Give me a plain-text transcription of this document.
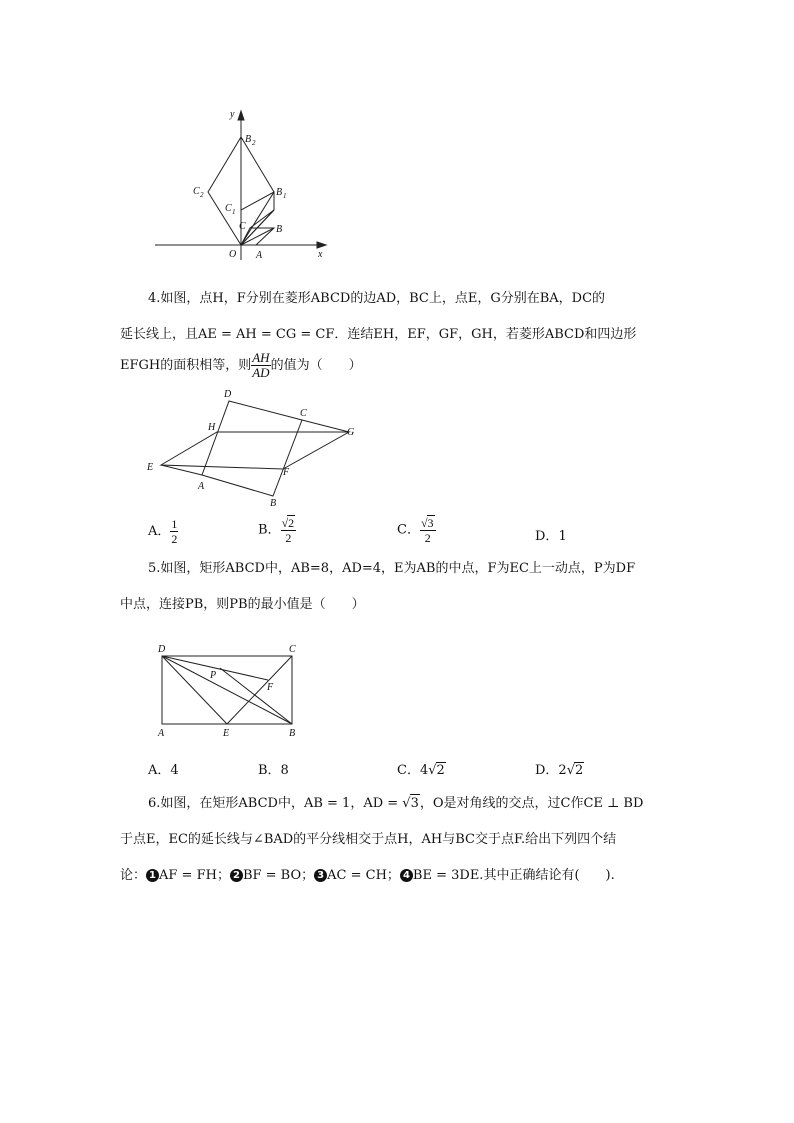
y
x
O A
B
C
B 1
C 1
B 2
C 2
4.如图，点H，F分别在菱形ABCD的边AD，BC上，点E，G分别在BA，DC的
延长线上，且AE = AH = CG = CF．连结EH，EF，GF，GH，若菱形ABCD和四边形
EFGH的面积相等，则 $\frac{AH}{AD}$ 的值为（　　）
D
C
H	G
E
A
F
B
A． $\frac{1}{2}$	B． $\frac{√2}{2}$	C． $\frac{√3}{2}$	D．1
5.如图，矩形ABCD中，AB=8，AD=4，E为AB的中点，F为EC上一动点，P为DF
中点，连接PB，则PB的最小值是（　　）
D	C
P
F
A	E	B
A．4	B．8	C．4√2	D．2√2
6.如图，在矩形ABCD中，AB = 1，AD = √3，O是对角线的交点，过C作CE ⊥ BD
于点E，EC的延长线与∠BAD的平分线相交于点H，AH与BC交于点F.给出下列四个结
论： 1 AF = FH； 2 BF = BO； 3 AC = CH； 4 BE = 3DE.其中正确结论有(　　).
